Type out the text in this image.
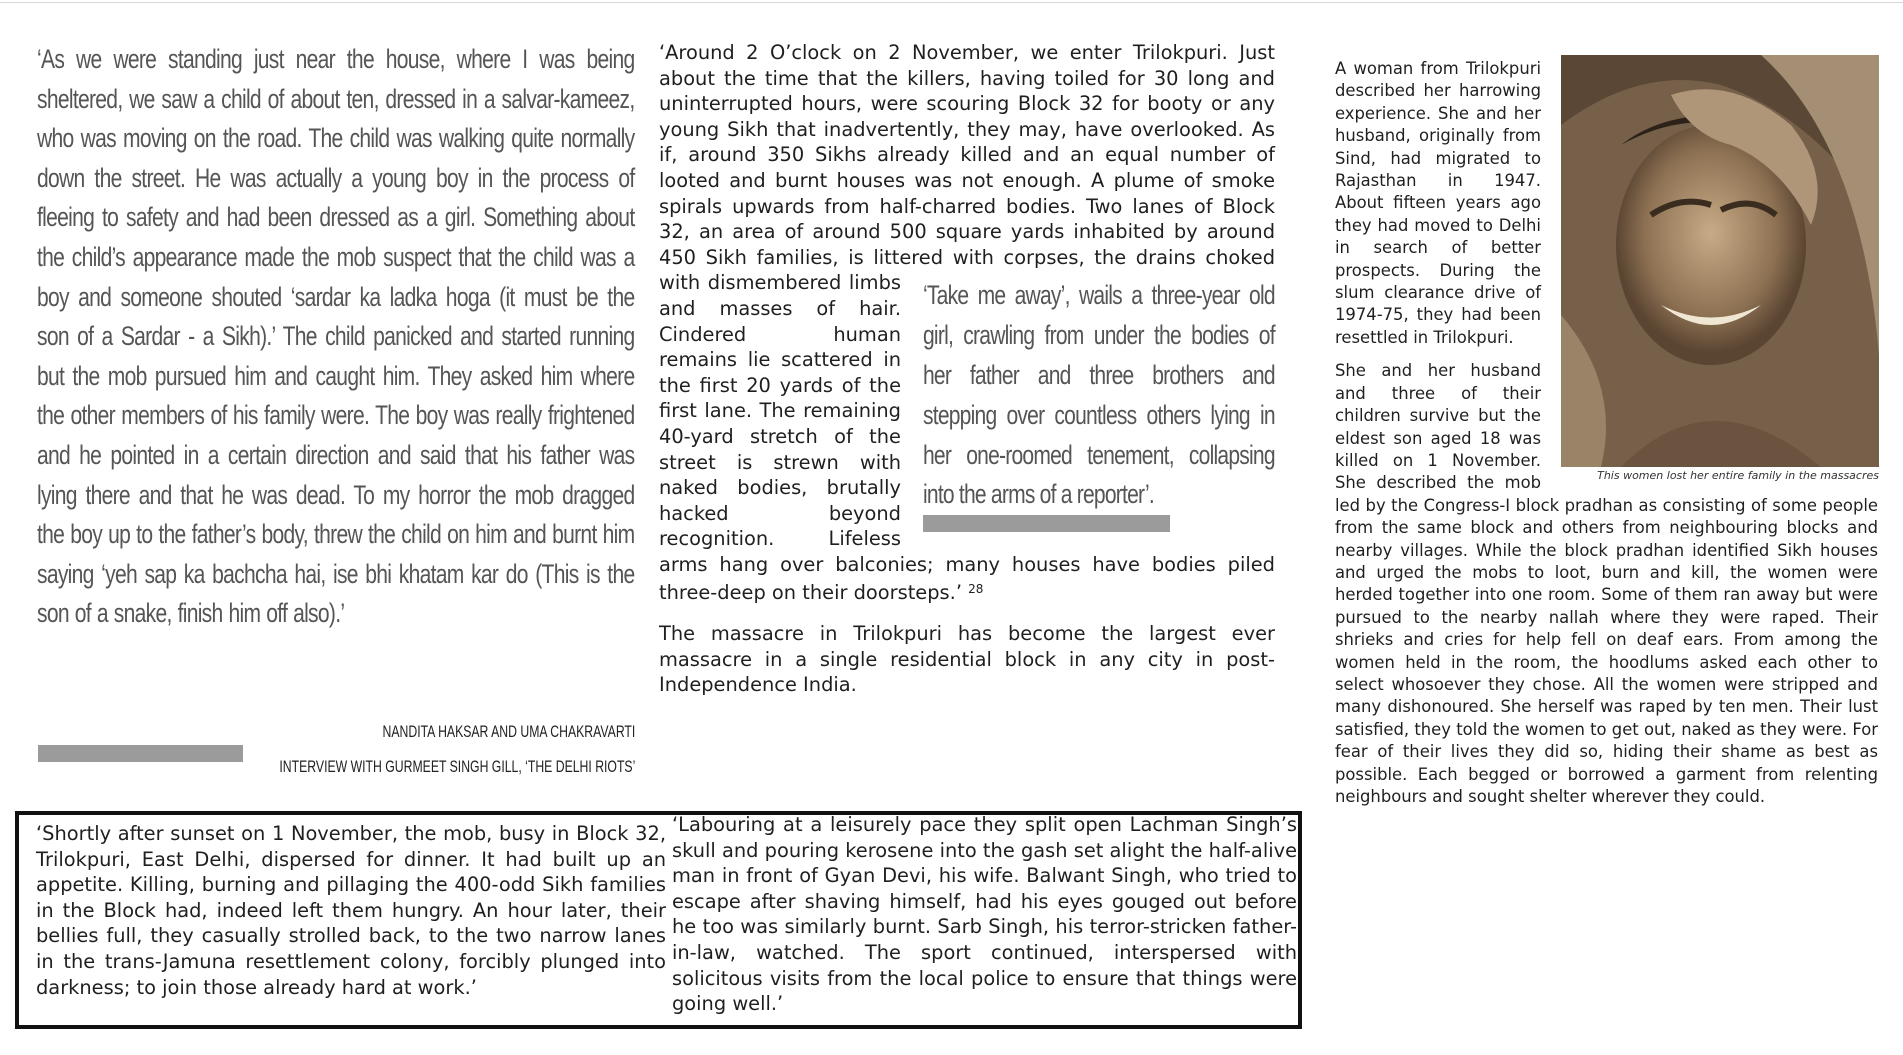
‘As we were standing just near the house, where I was being sheltered, we saw a child of about ten, dressed in a salvar-kameez, who was moving on the road. The child was walking quite normally down the street. He was actually a young boy in the process of fleeing to safety and had been dressed as a girl. Something about the child’s appearance made the mob suspect that the child was a boy and someone shouted ‘sardar ka ladka hoga (it must be the son of a Sardar - a Sikh).’ The child panicked and started running but the mob pursued him and caught him. They asked him where the other members of his family were. The boy was really frightened and he pointed in a certain direction and said that his father was lying there and that he was dead. To my horror the mob dragged the boy up to the father’s body, threw the child on him and burnt him saying ‘yeh sap ka bachcha hai, ise bhi khatam kar do (This is the son of a snake, finish him off also).’
NANDITA HAKSAR AND UMA CHAKRAVARTI
INTERVIEW WITH GURMEET SINGH GILL, ‘THE DELHI RIOTS’

‘Around 2 O’clock on 2 November, we enter Trilokpuri. Just about the time that the killers, having toiled for 30 long and uninterrupted hours, were scouring Block 32 for booty or any young Sikh that inadvertently, they may, have overlooked. As if, around 350 Sikhs already killed and an equal number of looted and burnt houses was not enough. A plume of smoke spirals upwards from half-charred bodies. Two lanes of Block 32, an area of around 500 square yards inhabited by around 450 Sikh families, is littered with corpses, the drains choked with	‘Take me away’, wails a three-year old girl, crawling from under the bodies of her father and three brothers and stepping over countless others lying in her one-roomed tenement, collapsing into the arms of a reporter’.
dismembered limbs and masses of hair. Cindered human remains lie scattered in the first 20 yards of the first lane. The remaining 40-yard stretch of the street is strewn with naked bodies, brutally hacked beyond recognition. Lifeless arms hang over balconies; many houses have bodies piled three-deep on their doorsteps.’ $^{28}$

The massacre in Trilokpuri has become the largest ever massacre in a single residential block in any city in post-Independence India.

This women lost her entire family in the massacres

A woman from Trilokpuri described her harrowing experience. She and her husband, originally from Sind, had migrated to Rajasthan in 1947. About fifteen years ago they had moved to Delhi in search of better prospects. During the slum clearance drive of 1974-75, they had been resettled in Trilokpuri.

She and her husband and three of their children survive but the eldest son aged 18 was killed on 1 November. She described the mob led by the Congress-I block pradhan as consisting of some people from the same block and others from neighbouring blocks and nearby villages. While the block pradhan identified Sikh houses and urged the mobs to loot, burn and kill, the women were herded together into one room. Some of them ran away but were pursued to the nearby nallah where they were raped. Their shrieks and cries for help fell on deaf ears. From among the women held in the room, the hoodlums asked each other to select whosoever they chose. All the women were stripped and many dishonoured. She herself was raped by ten men. Their lust satisfied, they told the women to get out, naked as they were. For fear of their lives they did so, hiding their shame as best as possible. Each begged or borrowed a garment from relenting neighbours and sought shelter wherever they could.

‘Shortly after sunset on 1 November, the mob, busy in Block 32, Trilokpuri, East Delhi, dispersed for dinner. It had built up an appetite. Killing, burning and pillaging the 400-odd Sikh families in the Block had, indeed left them hungry. An hour later, their bellies full, they casually strolled back, to the two narrow lanes in the trans-Jamuna resettlement colony, forcibly plunged into darkness; to join those already hard at work.’
‘Labouring at a leisurely pace they split open Lachman Singh’s skull and pouring kerosene into the gash set alight the half-alive man in front of Gyan Devi, his wife. Balwant Singh, who tried to escape after shaving himself, had his eyes gouged out before he too was similarly burnt. Sarb Singh, his terror-stricken father-in-law, watched. The sport continued, interspersed with solicitous visits from the local police to ensure that things were going well.’
